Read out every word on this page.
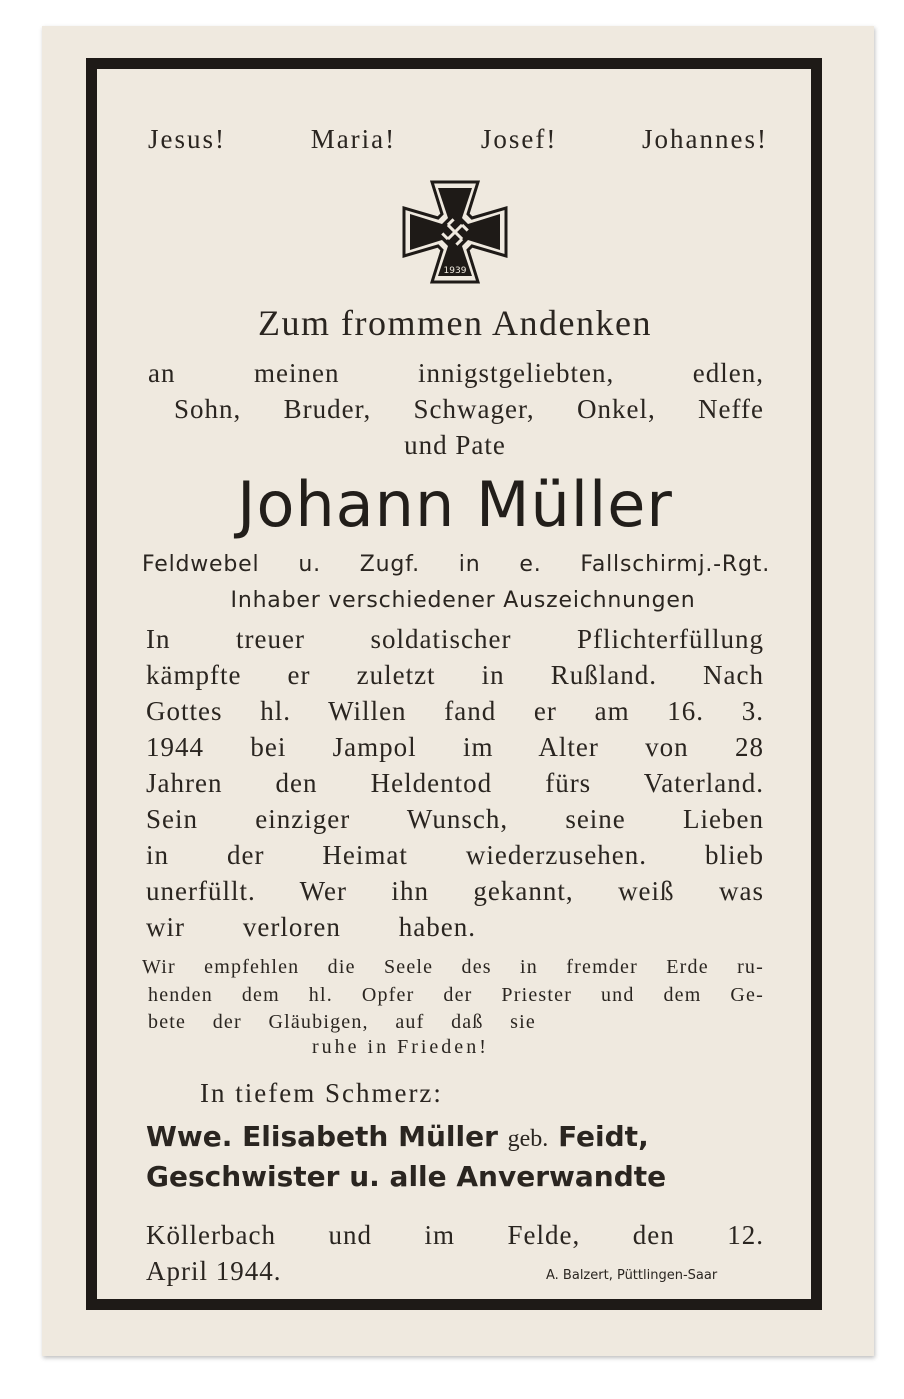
Jesus!	Maria!	Josef!	Johannes!
Zum frommen Andenken
an meinen innigstgeliebten, edlen,
Sohn, Bruder, Schwager, Onkel, Neffe
und Pate
Johann Müller
Feldwebel u. Zugf. in e. Fallschirmj.-Rgt.
Inhaber verschiedener Auszeichnungen
In treuer soldatischer Pflichterfüllung
kämpfte er zuletzt in Rußland. Nach
Gottes hl. Willen fand er am 16. 3.
1944 bei Jampol im Alter von 28
Jahren den Heldentod fürs Vaterland.
Sein einziger Wunsch, seine Lieben
in der Heimat wiederzusehen. blieb
unerfüllt. Wer ihn gekannt, weiß was
wir verloren haben.
Wir empfehlen die Seele des in fremder Erde ru-
henden dem hl. Opfer der Priester und dem Ge-
bete der Gläubigen, auf daß sie
ruhe in Frieden!
In tiefem Schmerz:
Wwe. Elisabeth Müller geb. Feidt,
Geschwister u. alle Anverwandte
Köllerbach und im Felde, den 12.
April 1944.	A. Balzert, Püttlingen-Saar
1939
